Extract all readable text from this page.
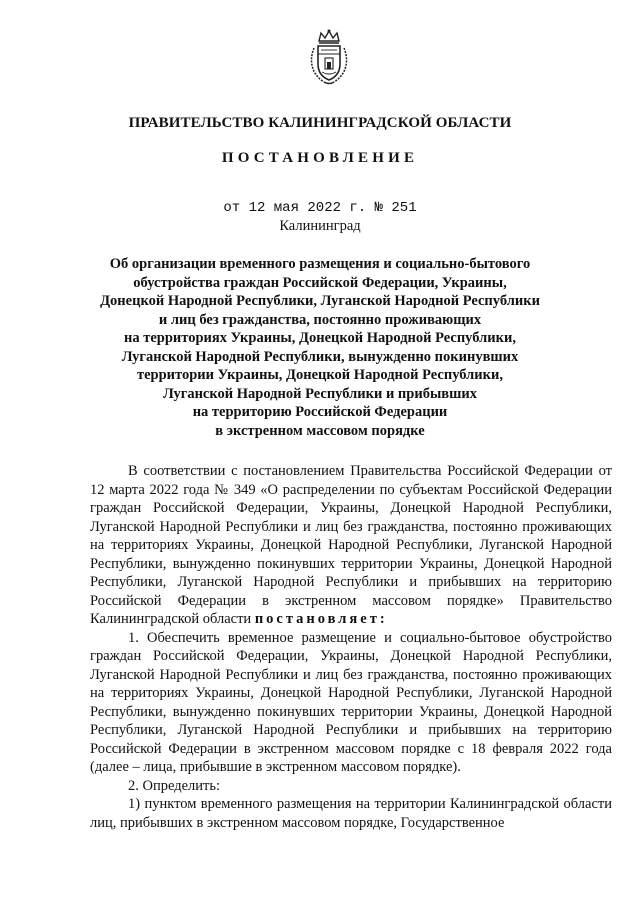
ПРАВИТЕЛЬСТВО КАЛИНИНГРАДСКОЙ ОБЛАСТИ
ПОСТАНОВЛЕНИЕ
от 12 мая 2022 г. № 251
Калининград
Об организации временного размещения и социально-бытового
обустройства граждан Российской Федерации, Украины,
Донецкой Народной Республики, Луганской Народной Республики
и лиц без гражданства, постоянно проживающих
на территориях Украины, Донецкой Народной Республики,
Луганской Народной Республики, вынужденно покинувших
территории Украины, Донецкой Народной Республики,
Луганской Народной Республики и прибывших
на территорию Российской Федерации
в экстренном массовом порядке

В соответствии с постановлением Правительства Российской Федерации от 12 марта 2022 года № 349 «О распределении по субъектам Российской Федерации граждан Российской Федерации, Украины, Донецкой Народной Республики, Луганской Народной Республики и лиц без гражданства, постоянно проживающих на территориях Украины, Донецкой Народной Республики, Луганской Народной Республики, вынужденно покинувших территории Украины, Донецкой Народной Республики, Луганской Народной Республики и прибывших на территорию Российской Федерации в экстренном массовом порядке» Правительство Калининградской области постановляет:

1. Обеспечить временное размещение и социально-бытовое обустройство граждан Российской Федерации, Украины, Донецкой Народной Республики, Луганской Народной Республики и лиц без гражданства, постоянно проживающих на территориях Украины, Донецкой Народной Республики, Луганской Народной Республики, вынужденно покинувших территории Украины, Донецкой Народной Республики, Луганской Народной Республики и прибывших на территорию Российской Федерации в экстренном массовом порядке с 18 февраля 2022 года (далее – лица, прибывшие в экстренном массовом порядке).

2. Определить:

1) пунктом временного размещения на территории Калининградской области лиц, прибывших в экстренном массовом порядке, Государственное
